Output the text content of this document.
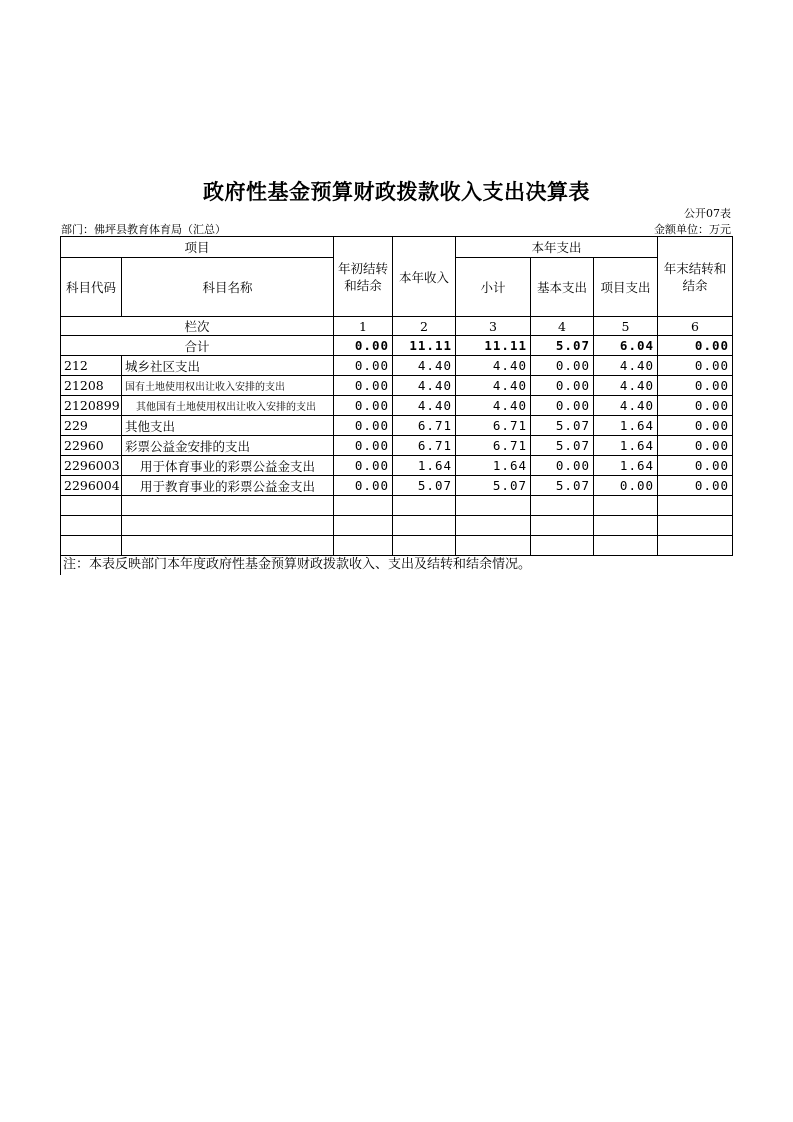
政府性基金预算财政拨款收入支出决算表
公开07表
部门：佛坪县教育体育局（汇总）	金额单位：万元
项目		年初结转和结余	本年收入	本年支出			年末结转和结余
科目代码	科目名称			小计	基本支出	项目支出	
栏次		1	2	3	4	5	6
合计		0.00	11.11	11.11	5.07	6.04	0.00
212	城乡社区支出	0.00	4.40	4.40	0.00	4.40	0.00
21208	国有土地使用权出让收入安排的支出	0.00	4.40	4.40	0.00	4.40	0.00
2120899	其他国有土地使用权出让收入安排的支出	0.00	4.40	4.40	0.00	4.40	0.00
229	其他支出	0.00	6.71	6.71	5.07	1.64	0.00
22960	彩票公益金安排的支出	0.00	6.71	6.71	5.07	1.64	0.00
2296003	用于体育事业的彩票公益金支出	0.00	1.64	1.64	0.00	1.64	0.00
2296004	用于教育事业的彩票公益金支出	0.00	5.07	5.07	5.07	0.00	0.00

注：本表反映部门本年度政府性基金预算财政拨款收入、支出及结转和结余情况。
